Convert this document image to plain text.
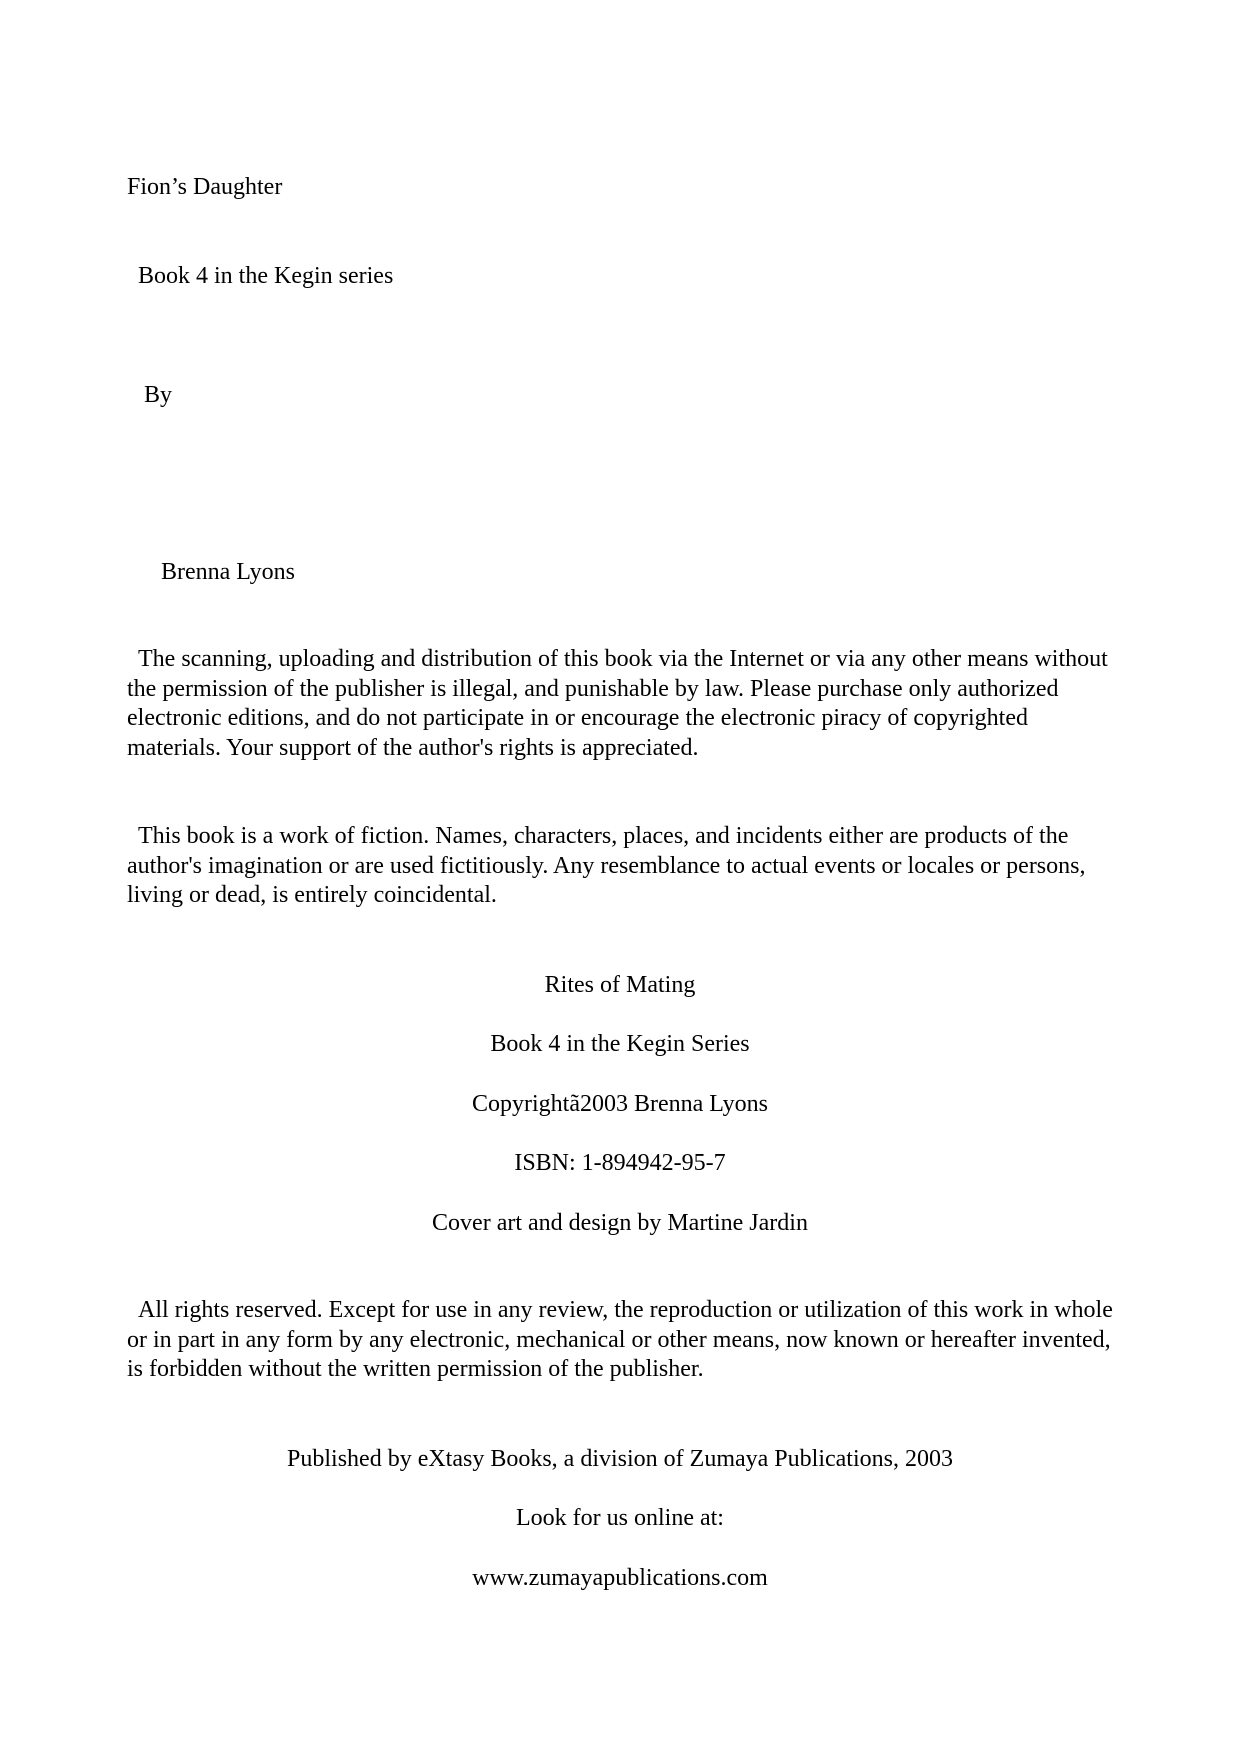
Fion’s Daughter
Book 4 in the Kegin series
By
Brenna Lyons
The scanning, uploading and distribution of this book via the Internet or via any other means without the permission of the publisher is illegal, and punishable by law. Please purchase only authorized electronic editions, and do not participate in or encourage the electronic piracy of copyrighted materials. Your support of the author's rights is appreciated.
This book is a work of fiction. Names, characters, places, and incidents either are products of the author's imagination or are used fictitiously. Any resemblance to actual events or locales or persons, living or dead, is entirely coincidental.
Rites of Mating
Book 4 in the Kegin Series
Copyrightã2003 Brenna Lyons
ISBN: 1-894942-95-7
Cover art and design by Martine Jardin
All rights reserved. Except for use in any review, the reproduction or utilization of this work in whole or in part in any form by any electronic, mechanical or other means, now known or hereafter invented, is forbidden without the written permission of the publisher.
Published by eXtasy Books, a division of Zumaya Publications, 2003
Look for us online at:
www.zumayapublications.com
